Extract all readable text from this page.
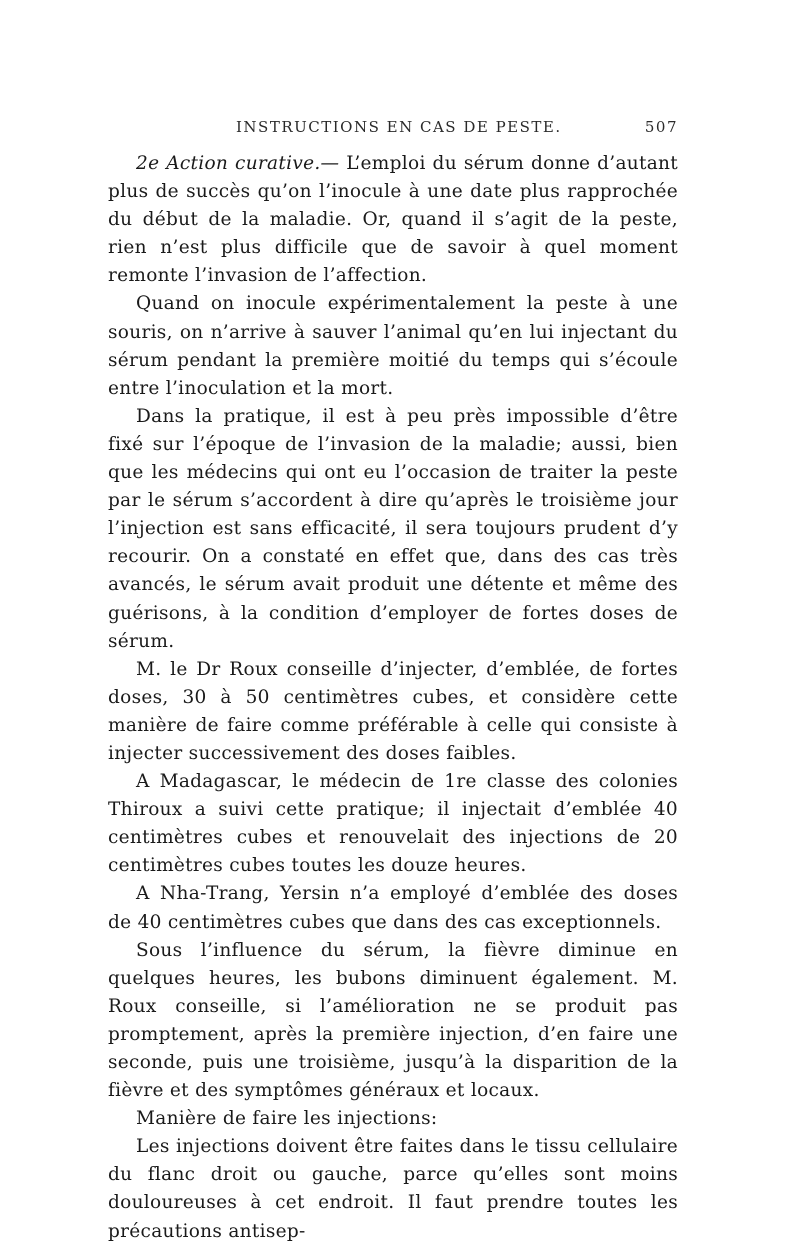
INSTRUCTIONS EN CAS DE PESTE.	507

2e Action curative.— L’emploi du sérum donne d’autant plus de succès qu’on l’inocule à une date plus rapprochée du début de la maladie. Or, quand il s’agit de la peste, rien n’est plus difficile que de savoir à quel moment remonte l’invasion de l’affection.

Quand on inocule expérimentalement la peste à une souris, on n’arrive à sauver l’animal qu’en lui injectant du sérum pendant la première moitié du temps qui s’écoule entre l’inoculation et la mort.

Dans la pratique, il est à peu près impossible d’être fixé sur l’époque de l’invasion de la maladie; aussi, bien que les médecins qui ont eu l’occasion de traiter la peste par le sérum s’accordent à dire qu’après le troisième jour l’injection est sans efficacité, il sera toujours prudent d’y recourir. On a constaté en effet que, dans des cas très avancés, le sérum avait produit une détente et même des guérisons, à la condition d’employer de fortes doses de sérum.

M. le Dr Roux conseille d’injecter, d’emblée, de fortes doses, 30 à 50 centimètres cubes, et considère cette manière de faire comme préférable à celle qui consiste à injecter successivement des doses faibles.

A Madagascar, le médecin de 1re classe des colonies Thiroux a suivi cette pratique; il injectait d’emblée 40 centimètres cubes et renouvelait des injections de 20 centimètres cubes toutes les douze heures.

A Nha-Trang, Yersin n’a employé d’emblée des doses de 40 centimètres cubes que dans des cas exceptionnels.

Sous l’influence du sérum, la fièvre diminue en quelques heures, les bubons diminuent également. M. Roux conseille, si l’amélioration ne se produit pas promptement, après la première injection, d’en faire une seconde, puis une troisième, jusqu’à la disparition de la fièvre et des symptômes généraux et locaux.

Manière de faire les injections:

Les injections doivent être faites dans le tissu cellulaire du flanc droit ou gauche, parce qu’elles sont moins douloureuses à cet endroit. Il faut prendre toutes les précautions antisep-
